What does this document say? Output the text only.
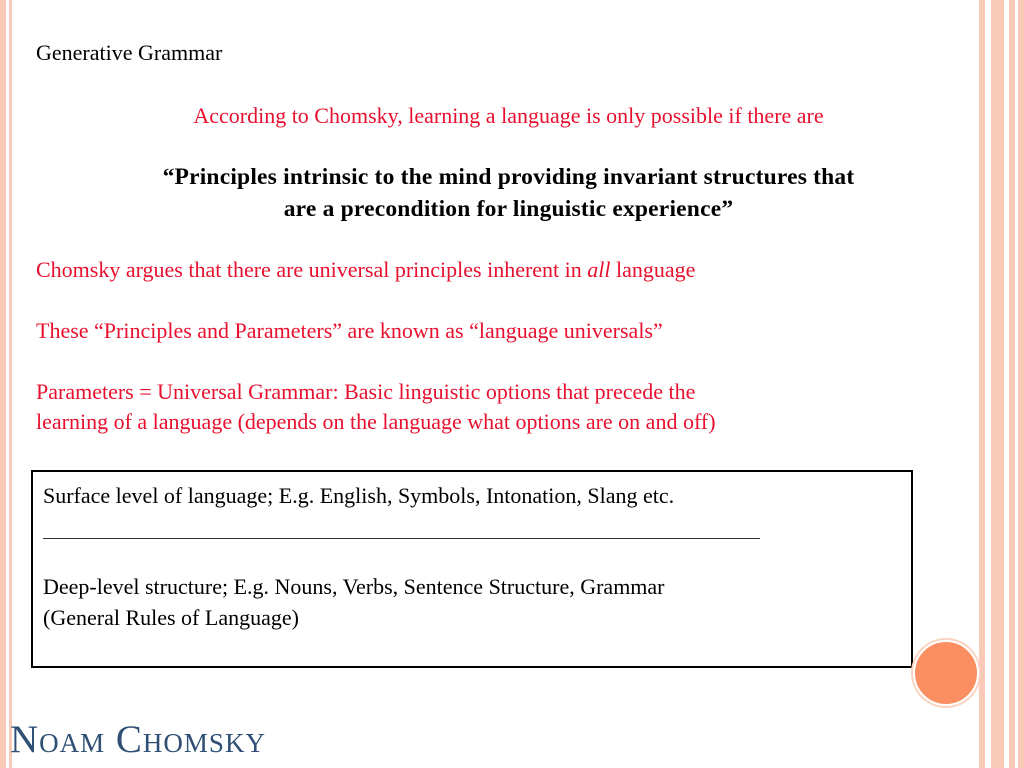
Generative Grammar
According to Chomsky, learning a language is only possible if there are
“Principles intrinsic to the mind providing invariant structures that
are a precondition for linguistic experience”
Chomsky argues that there are universal principles inherent in all language
These “Principles and Parameters” are known as “language universals”
Parameters = Universal Grammar: Basic linguistic options that precede the
learning of a language (depends on the language what options are on and off)
Surface level of language; E.g. English, Symbols, Intonation, Slang etc.
Deep-level structure; E.g. Nouns, Verbs, Sentence Structure, Grammar
(General Rules of Language)
Noam Chomsky
